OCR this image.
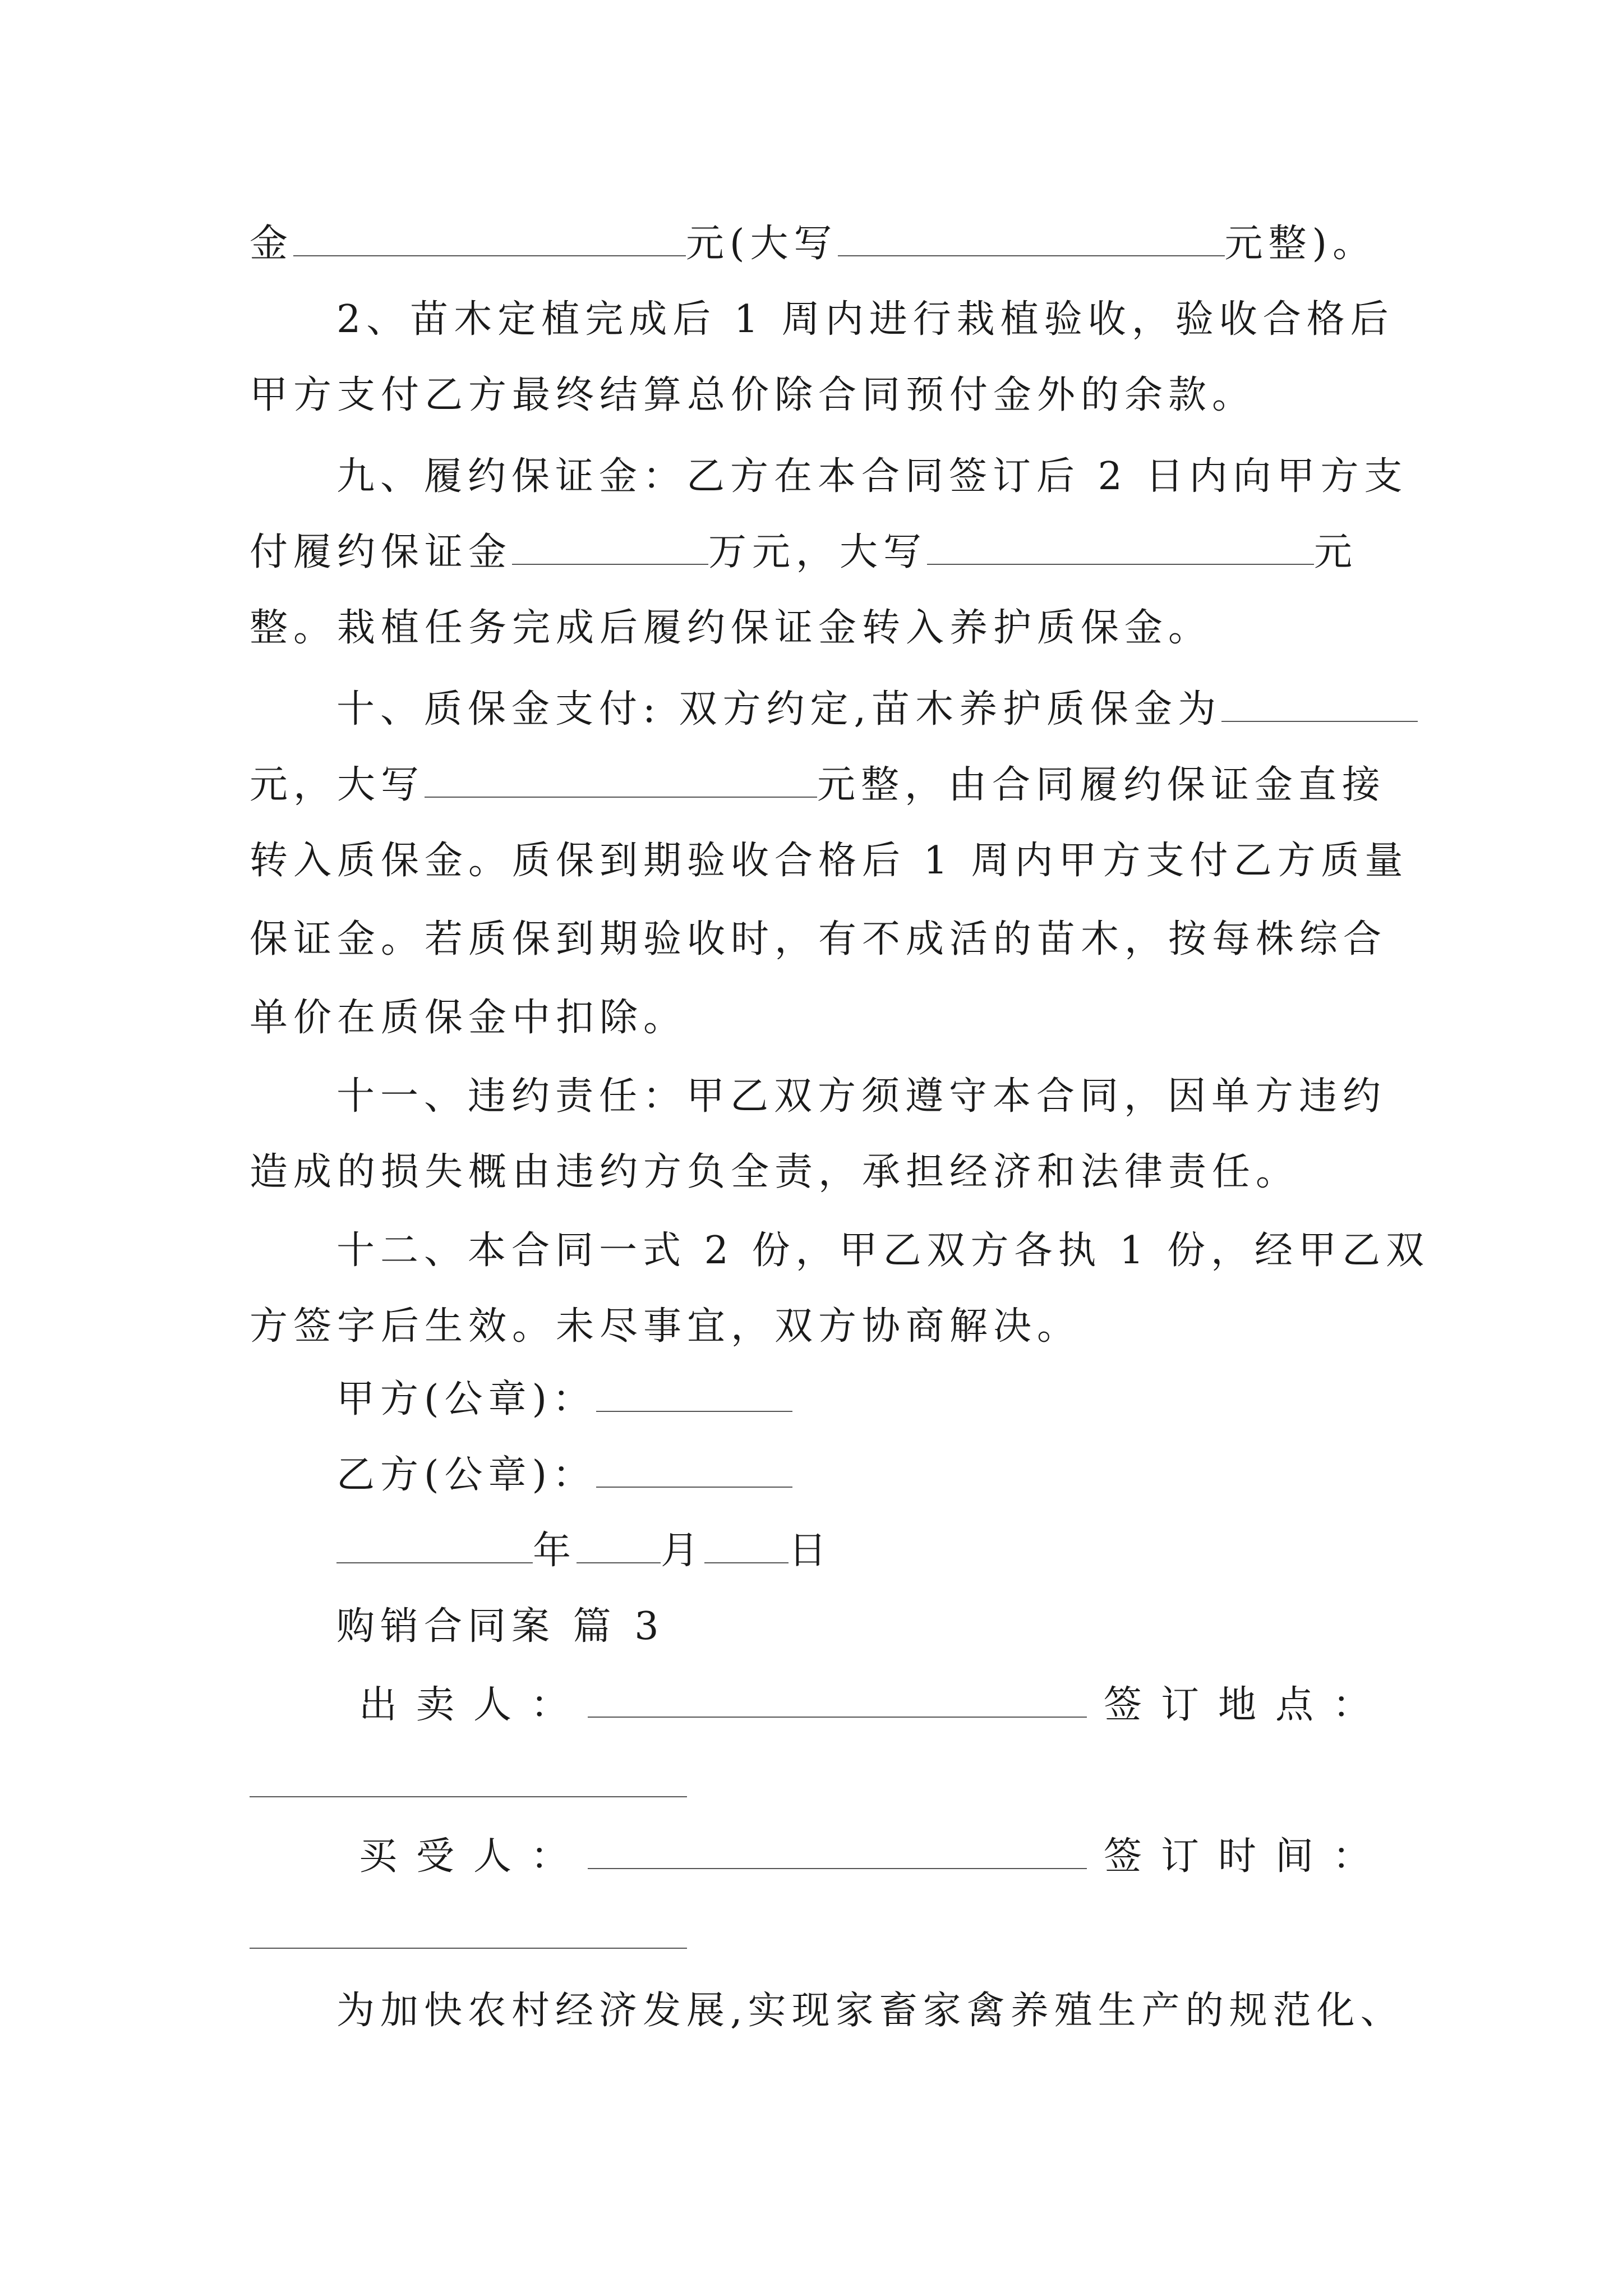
金	元(大写	元整)。
2、苗木定植完成后 1 周内进行栽植验收，验收合格后
甲方支付乙方最终结算总价除合同预付金外的余款。
九、履约保证金：乙方在本合同签订后 2 日内向甲方支
付履约保证金	万元，大写	元
整。栽植任务完成后履约保证金转入养护质保金。
十、质保金支付: 双方约定,苗木养护质保金为
元，大写	元整，由合同履约保证金直接
转入质保金。质保到期验收合格后 1 周内甲方支付乙方质量
保证金。若质保到期验收时，有不成活的苗木，按每株综合
单价在质保金中扣除。
十一、违约责任：甲乙双方须遵守本合同，因单方违约
造成的损失概由违约方负全责，承担经济和法律责任。
十二、本合同一式 2 份，甲乙双方各执 1 份，经甲乙双
方签字后生效。未尽事宜，双方协商解决。
甲方(公章)：
乙方(公章)：
年 月 日
购销合同案 篇 3
出卖人：	签订地点：
买受人：	签订时间：
为加快农村经济发展,实现家畜家禽养殖生产的规范化、
